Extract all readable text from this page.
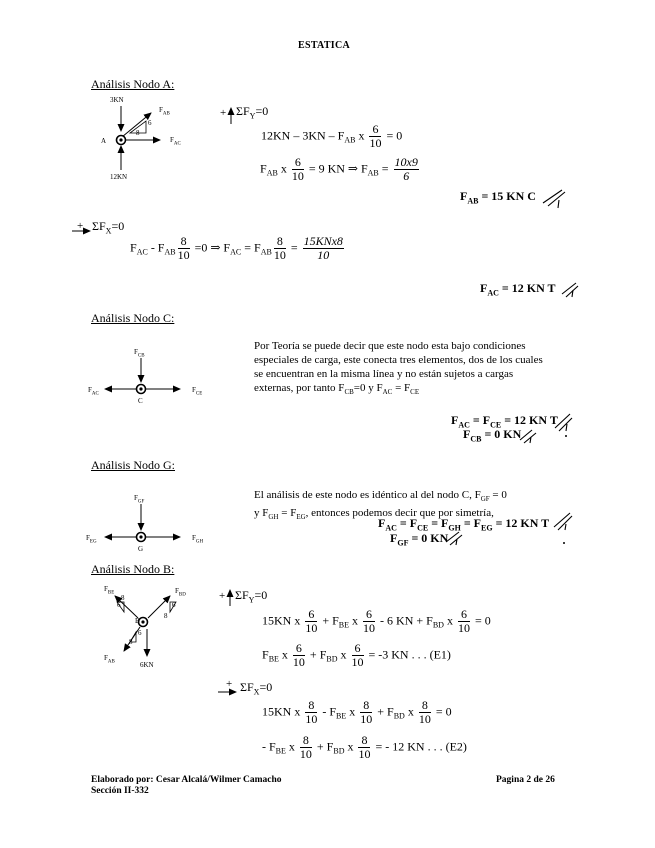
ESTATICA
Análisis Nodo A:
3KN
$F_{AB}$
A	$F_{AC}$
12KN
6
8
+ $\Sigma F_Y=0$
$12KN - 3KN - F_{AB}$ x $\frac{6}{10} = 0$
$F_{AB}$ x $\frac{6}{10} = 9$ KN ⇒ $F_{AB} = \frac{10x9}{6}$
$F_{AB} = 15$ KN C
+ $\Sigma F_X=0$
$F_{AC} - F_{AB} \frac{8}{10} =0$ ⇒ $F_{AC} = F_{AB} \frac{8}{10} = \frac{\text{15KNx8}}{10}$
$F_{AC} = 12$ KN T
Análisis Nodo C:
$F_{CB}$
$F_{AC}$	$F_{CE}$
C
Por Teoría se puede decir que este nodo esta bajo condiciones especiales de carga, este conecta tres elementos, dos de los cuales se encuentran en la misma línea y no están sujetos a cargas externas, por tanto $F_{CB}=0$ y $F_{AC} = F_{CE}$
$F_{AC} = F_{CE} = 12$ KN T
$F_{CB} = 0$ KN
Análisis Nodo G:
$F_{GF}$
$F_{EG}$	$F_{GH}$
G
El análisis de este nodo es idéntico al del nodo C, $F_{GF} = 0$
y $F_{GH} = F_{EG}$, entonces podemos decir que por simetría,
$F_{AC} = F_{CE} = F_{GH} = F_{EG} = 12$ KN T
$F_{GF} = 0$ KN
Análisis Nodo B:
$F_{BE}$	$F_{BD}$
B
$F_{AB}$	6KN
6
8
6
8
6
8
+ $\Sigma F_Y=0$
15KN x $\frac{6}{10} + F_{BE}$ x $\frac{6}{10} - 6$ KN + $F_{BD}$ x $\frac{6}{10} = 0$
$F_{BE}$ x $\frac{6}{10} + F_{BD}$ x $\frac{6}{10} = -3$ KN . . . (E1)
+ $\Sigma F_X=0$
15KN x $\frac{8}{10} - F_{BE}$ x $\frac{8}{10} + F_{BD}$ x $\frac{8}{10} = 0$
- $F_{BE}$ x $\frac{8}{10} + F_{BD}$ x $\frac{8}{10}$ = - 12 KN . . . (E2)
Elaborado por: Cesar Alcalá/Wilmer Camacho
Sección II-332
Pagina 2 de 26
